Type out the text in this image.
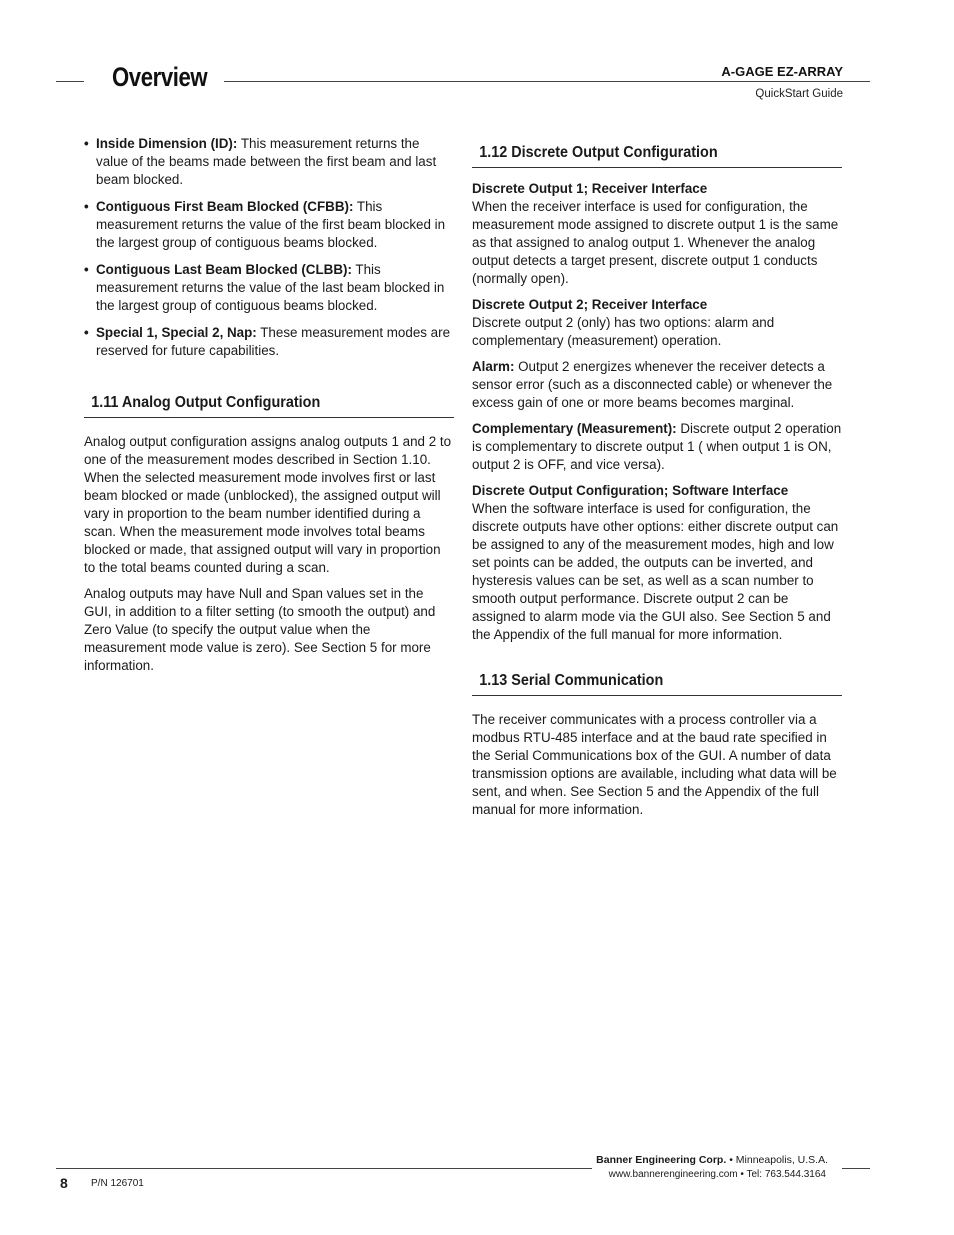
Overview	A-GAGE EZ-ARRAY
QuickStart Guide
• Inside Dimension (ID): This measurement returns the value of the beams made between the first beam and last beam blocked.
• Contiguous First Beam Blocked (CFBB): This measurement returns the value of the first beam blocked in the largest group of contiguous beams blocked.
• Contiguous Last Beam Blocked (CLBB): This measurement returns the value of the last beam blocked in the largest group of contiguous beams blocked.
• Special 1, Special 2, Nap: These measurement modes are reserved for future capabilities.
1.11 Analog Output Configuration

Analog output configuration assigns analog outputs 1 and 2 to one of the measurement modes described in Section 1.10. When the selected measurement mode involves first or last beam blocked or made (unblocked), the assigned output will vary in proportion to the beam number identified during a scan. When the measurement mode involves total beams blocked or made, that assigned output will vary in proportion to the total beams counted during a scan.

Analog outputs may have Null and Span values set in the GUI, in addition to a filter setting (to smooth the output) and Zero Value (to specify the output value when the measurement mode value is zero). See Section 5 for more information.

1.12 Discrete Output Configuration

Discrete Output 1; Receiver Interface
When the receiver interface is used for configuration, the measurement mode assigned to discrete output 1 is the same as that assigned to analog output 1. Whenever the analog output detects a target present, discrete output 1 conducts (normally open).

Discrete Output 2; Receiver Interface
Discrete output 2 (only) has two options: alarm and complementary (measurement) operation.

Alarm: Output 2 energizes whenever the receiver detects a sensor error (such as a disconnected cable) or whenever the excess gain of one or more beams becomes marginal.

Complementary (Measurement): Discrete output 2 operation is complementary to discrete output 1 ( when output 1 is ON, output 2 is OFF, and vice versa).

Discrete Output Configuration; Software Interface
When the software interface is used for configuration, the discrete outputs have other options: either discrete output can be assigned to any of the measurement modes, high and low set points can be added, the outputs can be inverted, and hysteresis values can be set, as well as a scan number to smooth output performance. Discrete output 2 can be assigned to alarm mode via the GUI also. See Section 5 and the Appendix of the full manual for more information.

1.13 Serial Communication

The receiver communicates with a process controller via a modbus RTU-485 interface and at the baud rate specified in the Serial Communications box of the GUI. A number of data transmission options are available, including what data will be sent, and when. See Section 5 and the Appendix of the full manual for more information.

8 P/N 126701
Banner Engineering Corp. • Minneapolis, U.S.A.
www.bannerengineering.com • Tel: 763.544.3164
